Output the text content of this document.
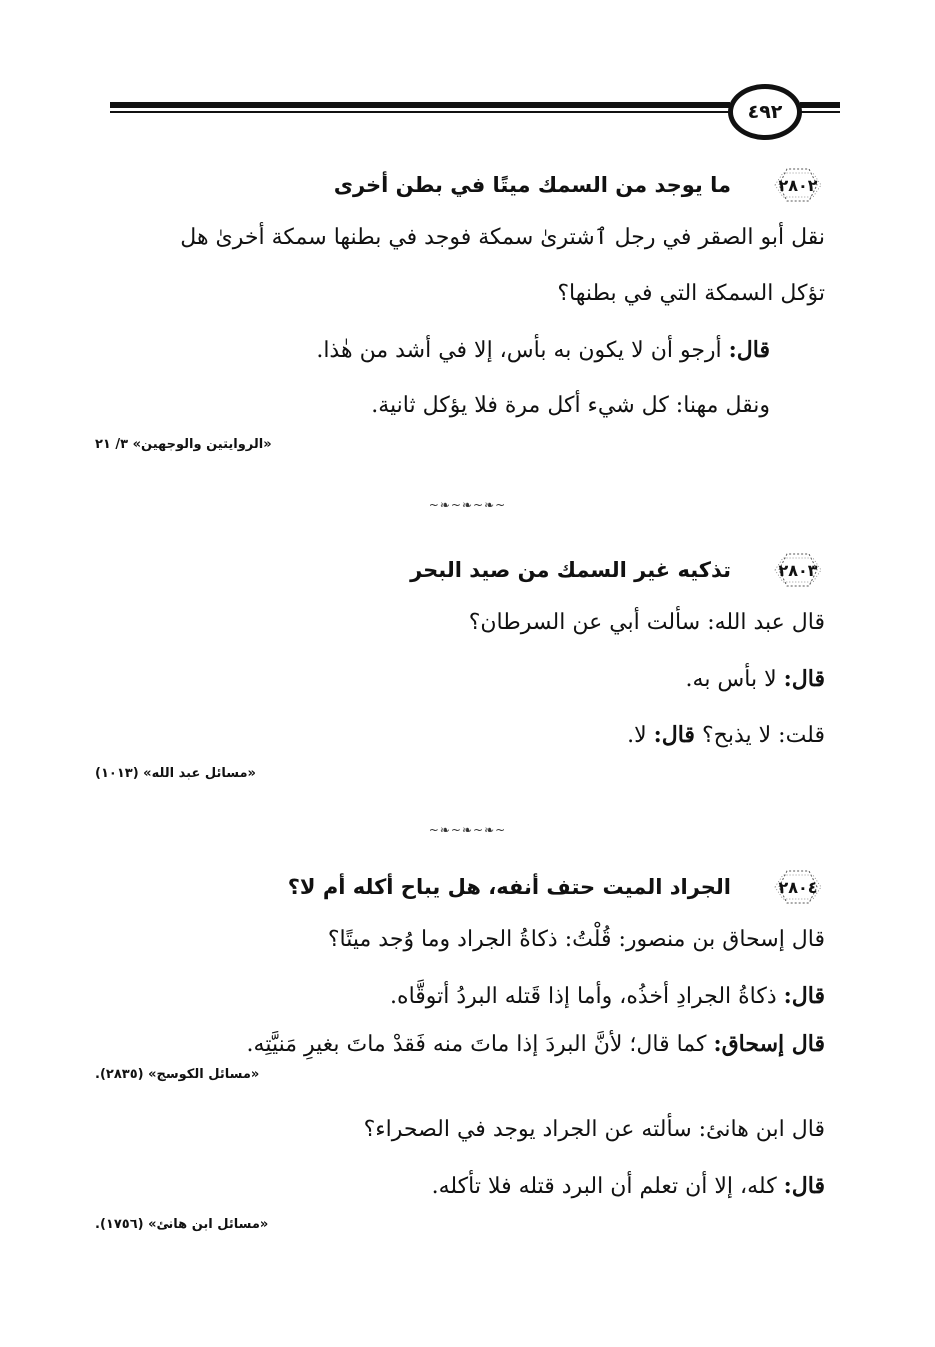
٤٩٢
٢٨٠٢
ما يوجد من السمك ميتًا في بطن أخرى
نقل أبو الصقر في رجل ٱشترىٰ سمكة فوجد في بطنها سمكة أخرىٰ هل
تؤكل السمكة التي في بطنها؟
قال: أرجو أن لا يكون به بأس، إلا في أشد من هٰذا.
ونقل مهنا: كل شيء أكل مرة فلا يؤكل ثانية.
«الروايتين والوجهين» ٣/ ٢١
~❧~❧~❧~
٢٨٠٣
تذكيه غير السمك من صيد البحر
قال عبد الله: سألت أبي عن السرطان؟
قال: لا بأس به.
قلت: لا يذبح؟ قال: لا.
«مسائل عبد الله» (١٠١٣)
~❧~❧~❧~
٢٨٠٤
الجراد الميت حتف أنفه، هل يباح أكله أم لا؟
قال إسحاق بن منصور: قُلْتُ: ذكاةُ الجراد وما وُجد ميتًا؟
قال: ذكاةُ الجرادِ أخذُه، وأما إذا قَتله البردُ أتوقَّاه.
قال إسحاق: كما قال؛ لأنَّ البردَ إذا ماتَ منه فَقدْ ماتَ بغيرِ مَنيَّتِه.
«مسائل الكوسج» (٢٨٣٥).
قال ابن هانئ: سألته عن الجراد يوجد في الصحراء؟
قال: كله، إلا أن تعلم أن البرد قتله فلا تأكله.
«مسائل ابن هانئ» (١٧٥٦).
